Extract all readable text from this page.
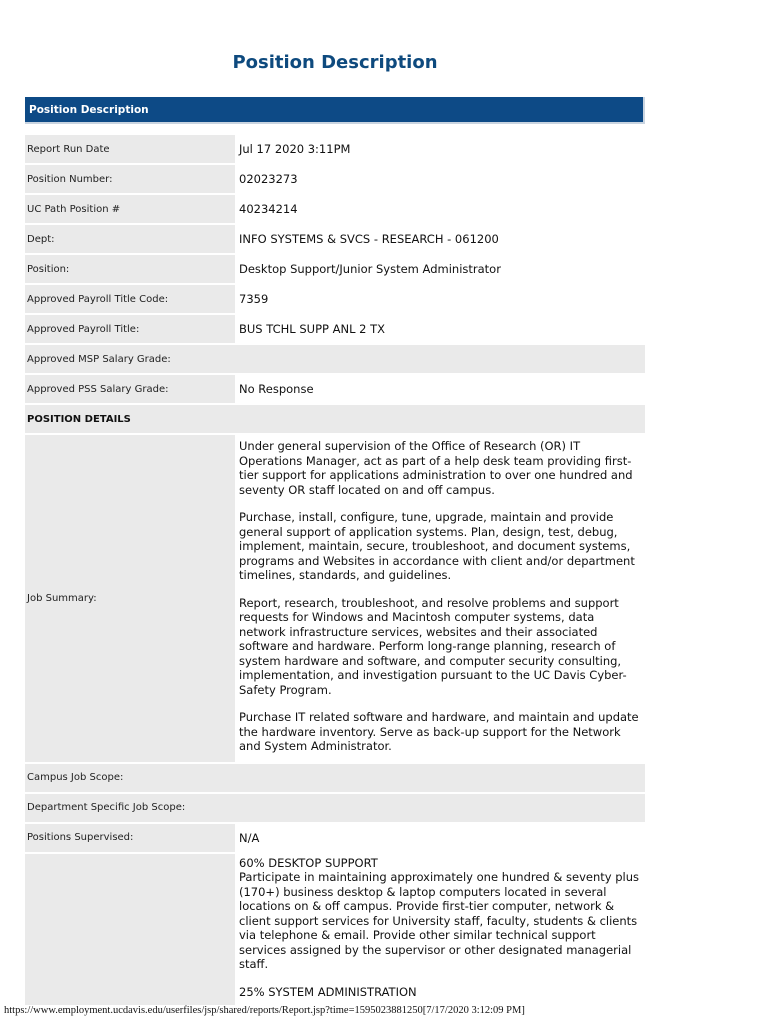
Position Description
Position Description
Report Run Date	Jul 17 2020 3:11PM
Position Number:	02023273
UC Path Position #	40234214
Dept:	INFO SYSTEMS & SVCS - RESEARCH - 061200
Position:	Desktop Support/Junior System Administrator
Approved Payroll Title Code:	7359
Approved Payroll Title:	BUS TCHL SUPP ANL 2 TX
Approved MSP Salary Grade:	
Approved PSS Salary Grade:	No Response
POSITION DETAILS	
Job Summary:	Under general supervision of the Office of Research (OR) IT Operations Manager, act as part of a help desk team providing first-tier support for applications administration to over one hundred and seventy OR staff located on and off campus.

Purchase, install, configure, tune, upgrade, maintain and provide general support of application systems. Plan, design, test, debug, implement, maintain, secure, troubleshoot, and document systems, programs and Websites in accordance with client and/or department timelines, standards, and guidelines.

Report, research, troubleshoot, and resolve problems and support requests for Windows and Macintosh computer systems, data network infrastructure services, websites and their associated software and hardware. Perform long-range planning, research of system hardware and software, and computer security consulting, implementation, and investigation pursuant to the UC Davis Cyber-Safety Program.

Purchase IT related software and hardware, and maintain and update the hardware inventory. Serve as back-up support for the Network and System Administrator.

Campus Job Scope:	
Department Specific Job Scope:	
Positions Supervised:	N/A

	60% DESKTOP SUPPORT
Participate in maintaining approximately one hundred & seventy plus (170+) business desktop & laptop computers located in several locations on & off campus. Provide first-tier computer, network & client support services for University staff, faculty, students & clients via telephone & email. Provide other similar technical support services assigned by the supervisor or other designated managerial staff.

25% SYSTEM ADMINISTRATION

https://www.employment.ucdavis.edu/userfiles/jsp/shared/reports/Report.jsp?time=1595023881250[7/17/2020 3:12:09 PM]
